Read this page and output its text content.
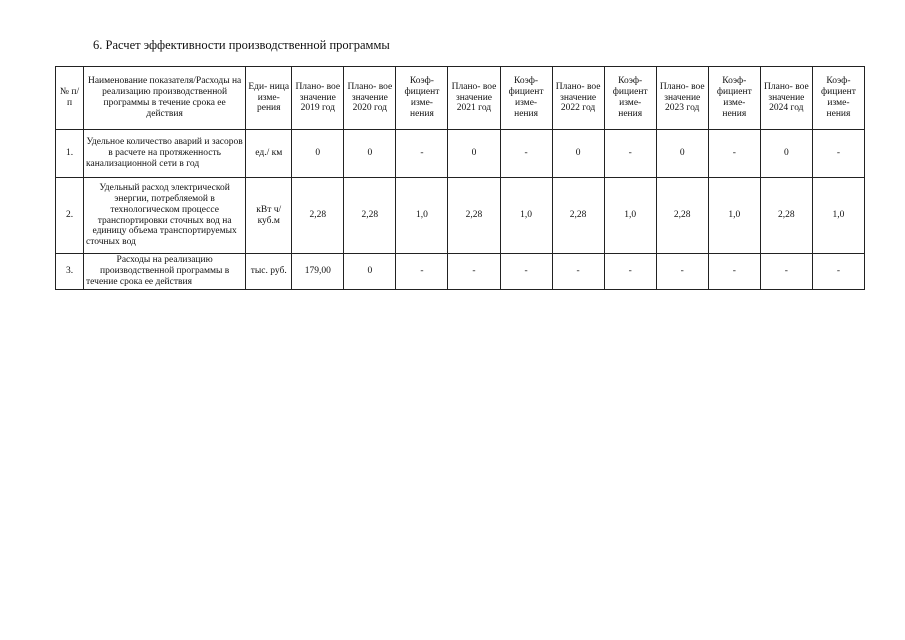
6. Расчет эффективности производственной программы
№ п/п	Наименование показателя/Расходы на реализацию производственной программы в течение срока ее действия	Еди- ница изме- рения	Плано- вое значение 2019 год	Плано- вое значение 2020 год	Коэф- фициент изме- нения	Плано- вое значение 2021 год	Коэф- фициент изме- нения	Плано- вое значение 2022 год	Коэф- фициент изме- нения	Плано- вое значение 2023 год	Коэф- фициент изме- нения	Плано- вое значение 2024 год	Коэф- фициент изме- нения
1.	Удельное количество аварий и засоров в расчете на протяженность канализационной сети в год	ед./ км	0	0	-	0	-	0	-	0	-	0	-
2.	Удельный расход электрической энергии, потребляемой в технологическом процессе транспортировки сточных вод на единицу объема транспортируемых сточных вод	кВт ч/куб.м	2,28	2,28	1,0	2,28	1,0	2,28	1,0	2,28	1,0	2,28	1,0
3.	Расходы на реализацию производственной программы в течение срока ее действия	тыс. руб.	179,00	0	-	-	-	-	-	-	-	-	-
